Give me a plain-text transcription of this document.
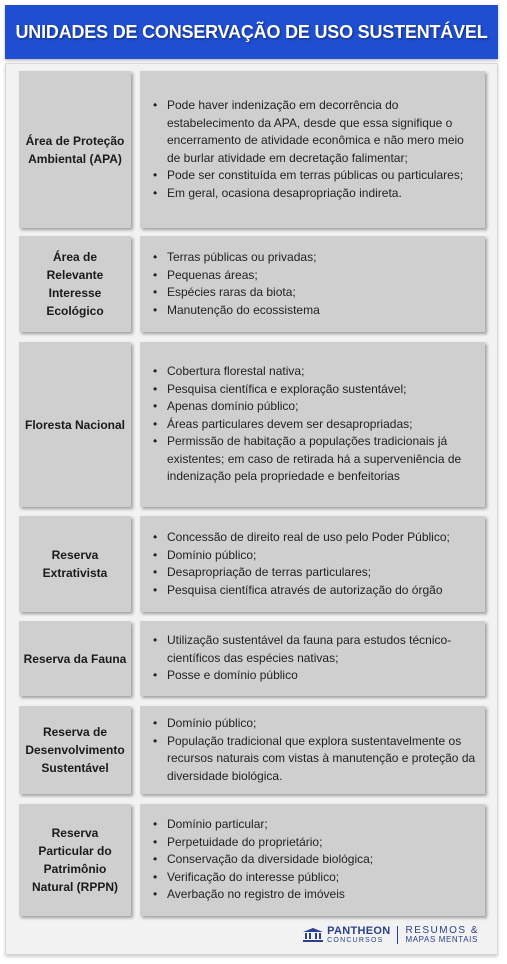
UNIDADES DE CONSERVAÇÃO DE USO SUSTENTÁVEL
Área de Proteção Ambiental (APA)
• Pode haver indenização em decorrência do estabelecimento da APA, desde que essa signifique o encerramento de atividade econômica e não mero meio de burlar atividade em decretação falimentar;
• Pode ser constituída em terras públicas ou particulares;
• Em geral, ocasiona desapropriação indireta.
Área de Relevante Interesse Ecológico
• Terras públicas ou privadas;
• Pequenas áreas;
• Espécies raras da biota;
• Manutenção do ecossistema
Floresta Nacional
• Cobertura florestal nativa;
• Pesquisa científica e exploração sustentável;
• Apenas domínio público;
• Áreas particulares devem ser desapropriadas;
• Permissão de habitação a populações tradicionais já existentes; em caso de retirada há a superveniência de indenização pela propriedade e benfeitorias
Reserva Extrativista
• Concessão de direito real de uso pelo Poder Público;
• Domínio público;
• Desapropriação de terras particulares;
• Pesquisa científica através de autorização do órgão
Reserva da Fauna
• Utilização sustentável da fauna para estudos técnico-científicos das espécies nativas;
• Posse e domínio público
Reserva de Desenvolvimento Sustentável
• Domínio público;
• População tradicional que explora sustentavelmente os recursos naturais com vistas à manutenção e proteção da diversidade biológica.
Reserva Particular do Patrimônio Natural (RPPN)
• Domínio particular;
• Perpetuidade do proprietário;
• Conservação da diversidade biológica;
• Verificação do interesse público;
• Averbação no registro de imóveis
PANTHEON
CONCURSOS
RESUMOS &
MAPAS MENTAIS
